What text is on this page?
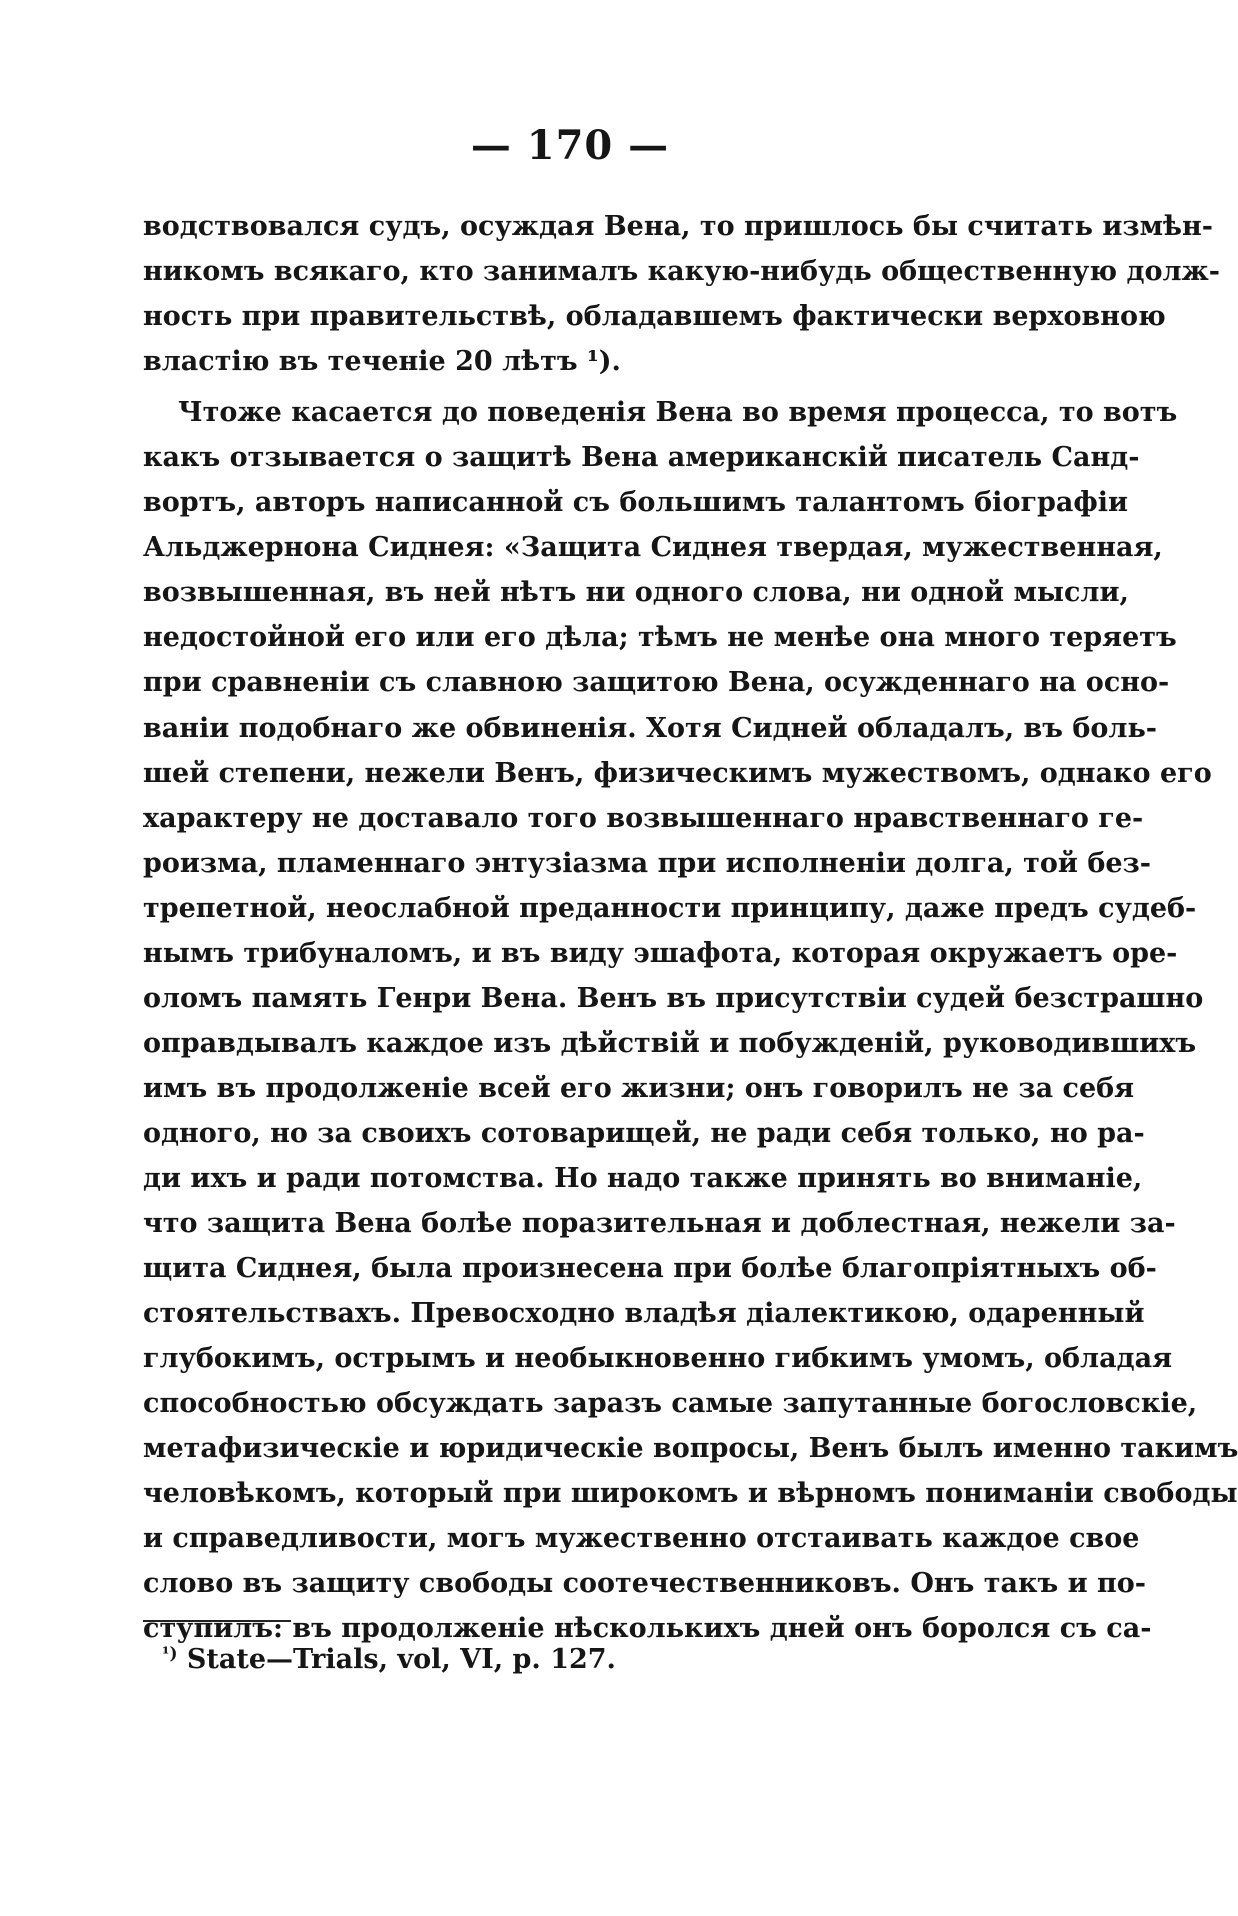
— 170 —
водствовался судъ, осуждая Вена, то пришлось бы считать измѣн-
никомъ всякаго, кто занималъ какую-нибудь общественную долж-
ность при правительствѣ, обладавшемъ фактически верховною
властiю въ теченiе 20 лѣтъ ¹).
Чтоже касается до поведенiя Вена во время процесса, то вотъ
какъ отзывается о защитѣ Вена американскiй писатель Санд-
вортъ, авторъ написанной съ большимъ талантомъ бiографiи
Альджернона Сиднея: «Защита Сиднея твердая, мужественная,
возвышенная, въ ней нѣтъ ни одного слова, ни одной мысли,
недостойной его или его дѣла; тѣмъ не менѣе она много теряетъ
при сравненiи съ славною защитою Вена, осужденнаго на осно-
ванiи подобнаго же обвиненiя. Хотя Сидней обладалъ, въ боль-
шей степени, нежели Венъ, физическимъ мужествомъ, однако его
характеру не доставало того возвышеннаго нравственнаго ге-
роизма, пламеннаго энтузiазма при исполненiи долга, той без-
трепетной, неослабной преданности принципу, даже предъ судеб-
нымъ трибуналомъ, и въ виду эшафота, которая окружаетъ оре-
оломъ память Генри Вена. Венъ въ присутствiи судей безстрашно
оправдывалъ каждое изъ дѣйствiй и побужденiй, руководившихъ
имъ въ продолженiе всей его жизни; онъ говорилъ не за себя
одного, но за своихъ сотоварищей, не ради себя только, но ра-
ди ихъ и ради потомства. Но надо также принять во вниманiе,
что защита Вена болѣе поразительная и доблестная, нежели за-
щита Сиднея, была произнесена при болѣе благопрiятныхъ об-
стоятельствахъ. Превосходно владѣя дiалектикою, одаренный
глубокимъ, острымъ и необыкновенно гибкимъ умомъ, обладая
способностью обсуждать заразъ самые запутанные богословскiе,
метафизическiе и юридическiе вопросы, Венъ былъ именно такимъ
человѣкомъ, который при широкомъ и вѣрномъ пониманiи свободы
и справедливости, могъ мужественно отстаивать каждое свое
слово въ защиту свободы соотечественниковъ. Онъ такъ и по-
ступилъ: въ продолженiе нѣсколькихъ дней онъ боролся съ са-
$^{^1)}$ State—Trials, vol, VI, p. 127.
